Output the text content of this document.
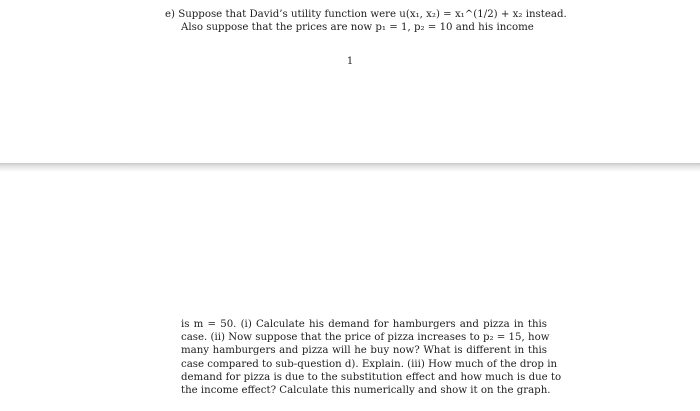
e) Suppose that David’s utility function were u(x₁, x₂) = x₁^(1/2) + x₂ instead.
Also suppose that the prices are now p₁ = 1, p₂ = 10 and his income
1
is m = 50. (i) Calculate his demand for hamburgers and pizza in this
case. (ii) Now suppose that the price of pizza increases to p₂ = 15, how
many hamburgers and pizza will he buy now? What is different in this
case compared to sub-question d). Explain. (iii) How much of the drop in
demand for pizza is due to the substitution effect and how much is due to
the income effect? Calculate this numerically and show it on the graph.
